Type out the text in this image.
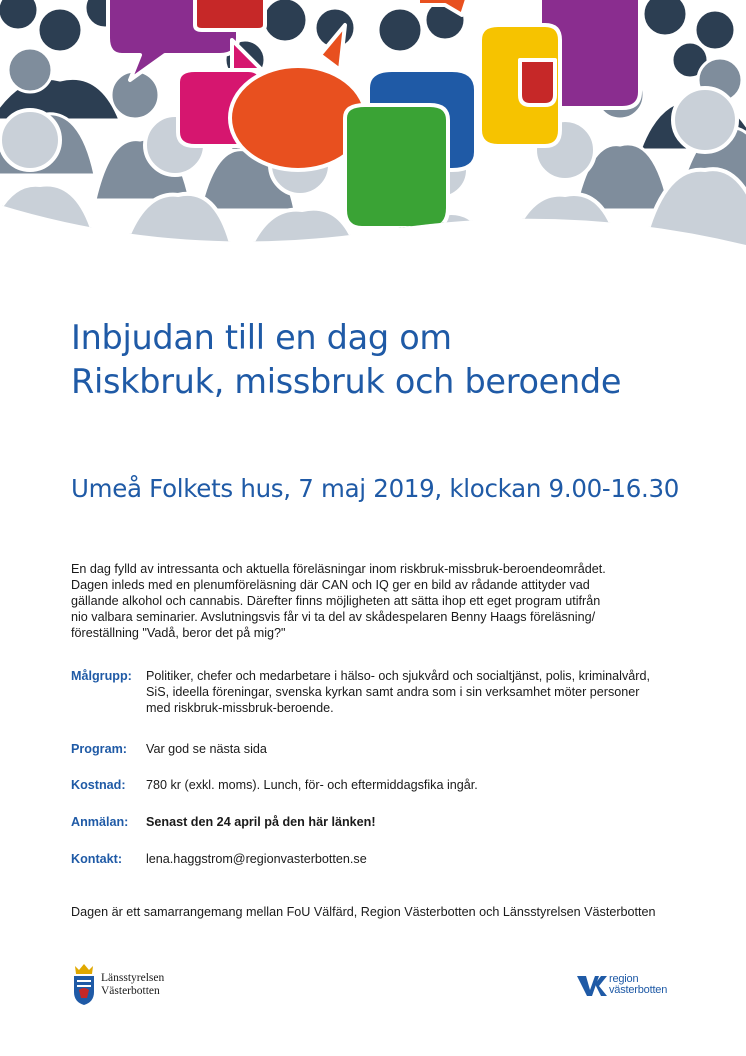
Inbjudan till en dag om
Riskbruk, missbruk och beroende
Umeå Folkets hus, 7 maj 2019, klockan 9.00-16.30

En dag fylld av intressanta och aktuella föreläsningar inom riskbruk-missbruk-beroendeområdet.
Dagen inleds med en plenumföreläsning där CAN och IQ ger en bild av rådande attityder vad
gällande alkohol och cannabis. Därefter finns möjligheten att sätta ihop ett eget program utifrån
nio valbara seminarier. Avslutningsvis får vi ta del av skådespelaren Benny Haags föreläsning/
föreställning "Vadå, beror det på mig?"

Målgrupp: Politiker, chefer och medarbetare i hälso- och sjukvård och socialtjänst, polis, kriminalvård,
SiS, ideella föreningar, svenska kyrkan samt andra som i sin verksamhet möter personer
med riskbruk-missbruk-beroende.
Program: Var god se nästa sida
Kostnad: 780 kr (exkl. moms). Lunch, för- och eftermiddagsfika ingår.
Anmälan: Senast den 24 april på den här länken!
Kontakt: lena.haggstrom@regionvasterbotten.se

Dagen är ett samarrangemang mellan FoU Välfärd, Region Västerbotten och Länsstyrelsen Västerbotten

Länsstyrelsen
Västerbotten
region
västerbotten
